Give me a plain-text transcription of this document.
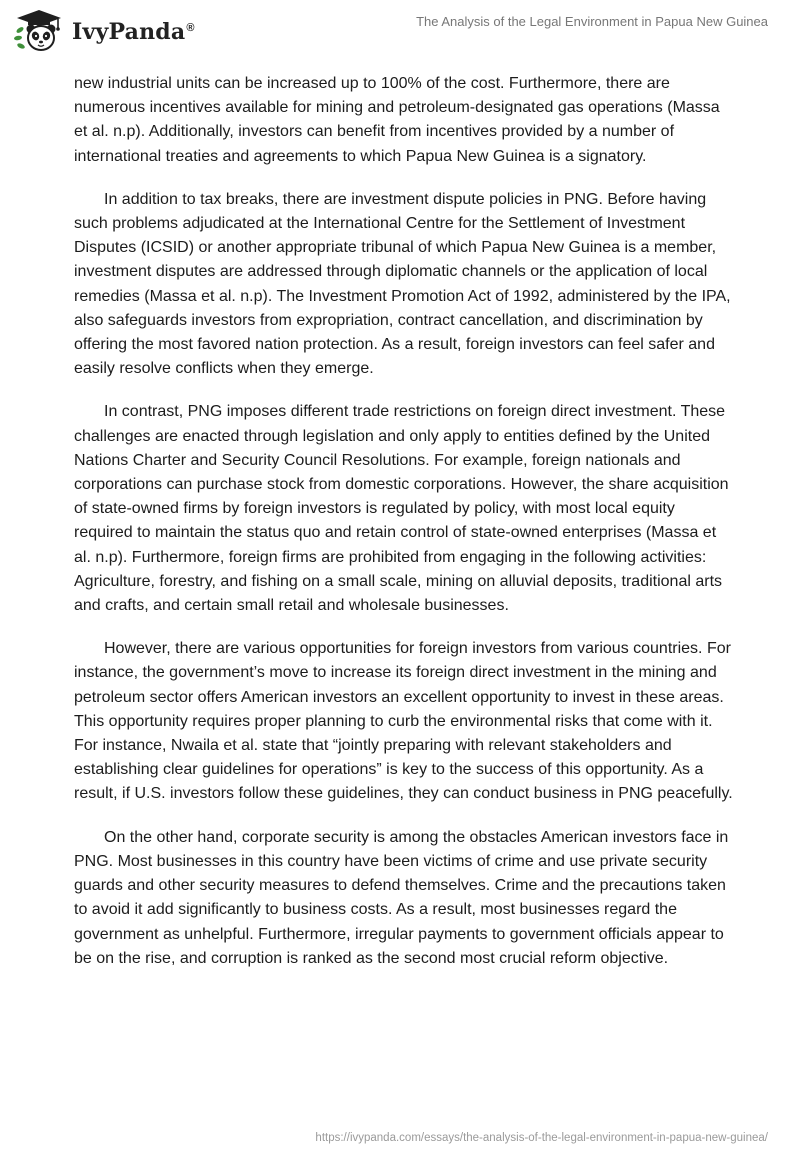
IvyPanda®	The Analysis of the Legal Environment in Papua New Guinea

new industrial units can be increased up to 100% of the cost. Furthermore, there are numerous incentives available for mining and petroleum-designated gas operations (Massa et al. n.p). Additionally, investors can benefit from incentives provided by a number of international treaties and agreements to which Papua New Guinea is a signatory.

In addition to tax breaks, there are investment dispute policies in PNG. Before having such problems adjudicated at the International Centre for the Settlement of Investment Disputes (ICSID) or another appropriate tribunal of which Papua New Guinea is a member, investment disputes are addressed through diplomatic channels or the application of local remedies (Massa et al. n.p). The Investment Promotion Act of 1992, administered by the IPA, also safeguards investors from expropriation, contract cancellation, and discrimination by offering the most favored nation protection. As a result, foreign investors can feel safer and easily resolve conflicts when they emerge.

In contrast, PNG imposes different trade restrictions on foreign direct investment. These challenges are enacted through legislation and only apply to entities defined by the United Nations Charter and Security Council Resolutions. For example, foreign nationals and corporations can purchase stock from domestic corporations. However, the share acquisition of state-owned firms by foreign investors is regulated by policy, with most local equity required to maintain the status quo and retain control of state-owned enterprises (Massa et al. n.p). Furthermore, foreign firms are prohibited from engaging in the following activities: Agriculture, forestry, and fishing on a small scale, mining on alluvial deposits, traditional arts and crafts, and certain small retail and wholesale businesses.

However, there are various opportunities for foreign investors from various countries. For instance, the government’s move to increase its foreign direct investment in the mining and petroleum sector offers American investors an excellent opportunity to invest in these areas. This opportunity requires proper planning to curb the environmental risks that come with it. For instance, Nwaila et al. state that “jointly preparing with relevant stakeholders and establishing clear guidelines for operations” is key to the success of this opportunity. As a result, if U.S. investors follow these guidelines, they can conduct business in PNG peacefully.

On the other hand, corporate security is among the obstacles American investors face in PNG. Most businesses in this country have been victims of crime and use private security guards and other security measures to defend themselves. Crime and the precautions taken to avoid it add significantly to business costs. As a result, most businesses regard the government as unhelpful. Furthermore, irregular payments to government officials appear to be on the rise, and corruption is ranked as the second most crucial reform objective.

https://ivypanda.com/essays/the-analysis-of-the-legal-environment-in-papua-new-guinea/
